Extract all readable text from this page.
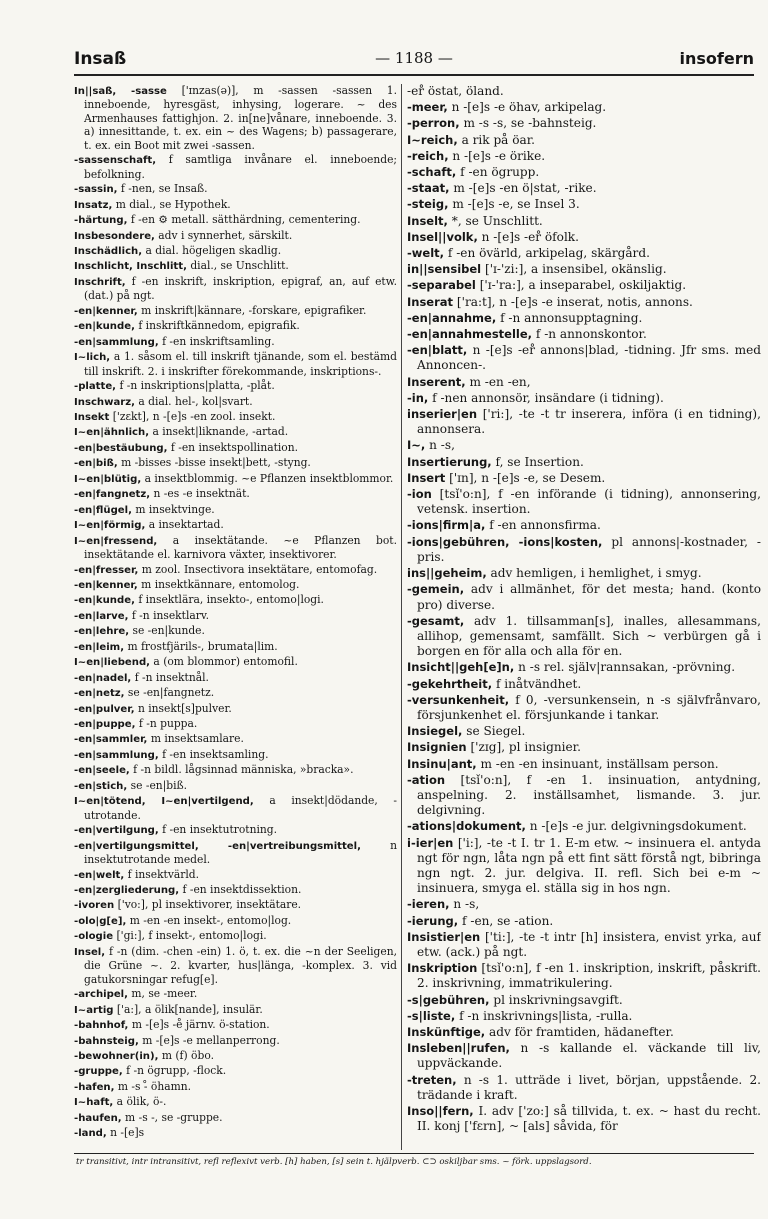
Insaß	— 1188 —	insofern
In||saß, -sasse ['ɪnzas(ə)], m -sassen -sassen 1. inneboende, hyresgäst, inhysing, logerare. ~ des Armenhauses fattighjon. 2. in[ne]vånare, inneboende. 3. a) innesittande, t. ex. ein ~ des Wagens; b) passagerare, t. ex. ein Boot mit zwei -sassen.
-sassenschaft, f samtliga invånare el. inneboende; befolkning.
-sassin, f -nen, se Insaß.
Insatz, m dial., se Hypothek.
-härtung, f -en ⚙ metall. sätthärdning, cementering.
Insbesondere, adv i synnerhet, särskilt.
Inschädlich, a dial. högeligen skadlig.
Inschlicht, Inschlitt, dial., se Unschlitt.
Inschrift, f -en inskrift, inskription, epigraf, an, auf etw. (dat.) på ngt.
-en|kenner, m inskrift|kännare, -forskare, epigrafiker.
-en|kunde, f inskriftkännedom, epigrafik.
-en|sammlung, f -en inskriftsamling.
I~lich, a 1. såsom el. till inskrift tjänande, som el. bestämd till inskrift. 2. i inskrifter förekommande, inskriptions-.
-platte, f -n inskriptions|platta, -plåt.
Inschwarz, a dial. hel-, kol|svart.
Insekt ['zɛkt], n -[e]s -en zool. insekt.
I~en|ähnlich, a insekt|liknande, -artad.
-en|bestäubung, f -en insektspollination.
-en|biß, m -bisses -bisse insekt|bett, -styng.
I~en|blütig, a insektblommig. ~e Pflanzen insektblommor.
-en|fangnetz, n -es -e insektnät.
-en|flügel, m insektvinge.
I~en|förmig, a insektartad.
I~en|fressend, a insektätande. ~e Pflanzen bot. insektätande el. karnivora växter, insektivorer.
-en|fresser, m zool. Insectivora insektätare, entomofag.
-en|kenner, m insektkännare, entomolog.
-en|kunde, f insektlära, insekto-, entomo|logi.
-en|larve, f -n insektlarv.
-en|lehre, se -en|kunde.
-en|leim, m frostfjärils-, brumata|lim.
I~en|liebend, a (om blommor) entomofil.
-en|nadel, f -n insektnål.
-en|netz, se -en|fangnetz.
-en|pulver, n insekt[s]pulver.
-en|puppe, f -n puppa.
-en|sammler, m insektsamlare.
-en|sammlung, f -en insektsamling.
-en|seele, f -n bildl. lågsinnad människa, »bracka».
-en|stich, se -en|biß.
I~en|tötend, I~en|vertilgend, a insekt|dödande, -utrotande.
-en|vertilgung, f -en insektutrotning.
-en|vertilgungsmittel, -en|vertreibungsmittel,	n insektutrotande medel.
-en|welt, f insektvärld.
-en|zergliederung, f -en insektdissektion.
-ivoren ['vo:], pl insektivorer, insektätare.
-olo|g[e], m -en -en insekt-, entomo|log.
-ologie ['gi:], f insekt-, entomo|logi.
Insel, f -n (dim. -chen -ein) 1. ö, t. ex. die ~n der Seeligen, die Grüne ~. 2. kvarter, hus|länga, -komplex. 3. vid gatukorsningar refug[e].
-archipel, m, se -meer.
I~artig ['a:], a ölik[nande], insulär.
-bahnhof, m -[e]s -e̊ järnv. ö-station.
-bahnsteig, m -[e]s -e mellanperrong.
-bewohner(in), m (f) öbo.
-gruppe, f -n ögrupp, -flock.
-hafen, m -s -̊ öhamn.
I~haft, a ölik, ö-.
-haufen, m -s -, se -gruppe.
-land, n -[e]s
-er̊ östat, öland.
-meer, n -[e]s -e öhav, arkipelag.
-perron, m -s -s, se -bahnsteig.
I~reich, a rik på öar.
-reich, n -[e]s -e örike.
-schaft, f -en ögrupp.
-staat, m -[e]s -en ö|stat, -rike.
-steig, m -[e]s -e, se Insel 3.
Inselt, *, se Unschlitt.
Insel||volk, n -[e]s -er̊ öfolk.
-welt, f -en övärld, arkipelag, skärgård.
in||sensibel ['ɪ-'zi:], a insensibel, okänslig.
-separabel ['ɪ-'ra:], a inseparabel, oskiljaktig.
Inserat ['ra:t], n -[e]s -e inserat, notis, annons.
-en|annahme, f -n annonsupptagning.
-en|annahmestelle, f -n annonskontor.
-en|blatt, n -[e]s -er̊ annons|blad, -tidning. Jfr sms. med Annoncen-.
Inserent, m -en -en,
-in, f -nen annonsör, insändare (i tidning).
inserier|en ['ri:], -te -t tr inserera, införa (i en tidning), annonsera.
I~, n -s,
Insertierung, f, se Insertion.
Insert ['ɪn], n -[e]s -e, se Desem.
-ion [tsǐ'o:n], f -en införande (i tidning), annonsering, vetensk. insertion.
-ions|firm|a, f -en annonsfirma.
-ions|gebühren, -ions|kosten, pl annons|-kostnader, -pris.
ins||geheim, adv hemligen, i hemlighet, i smyg.
-gemein, adv i allmänhet, för det mesta; hand. (konto pro) diverse.
-gesamt, adv 1. tillsamman[s], inalles, allesammans, allihop, gemensamt, samfällt. Sich ~ verbürgen gå i borgen en för alla och alla för en.
Insicht||geh[e]n, n -s rel. själv|rannsakan, -prövning.
-gekehrtheit, f inåtvändhet.
-versunkenheit, f 0, -versunkensein, n -s självfrånvaro, försjunkenhet el. försjunkande i tankar.
Insiegel, se Siegel.
Insignien ['zɪg], pl insignier.
Insinu|ant, m -en -en insinuant, inställsam person.
-ation [tsǐ'o:n], f -en 1. insinuation, antydning, anspelning. 2. inställsamhet, lismande. 3. jur. delgivning.
-ations|dokument, n -[e]s -e jur. delgivningsdokument.
i-ier|en ['i:], -te -t I. tr 1. E-m etw. ~ insinuera el. antyda ngt för ngn, låta ngn på ett fint sätt förstå ngt, bibringa ngn ngt. 2. jur. delgiva. II. refl. Sich bei e-m ~ insinuera, smyga el. ställa sig in hos ngn.
-ieren, n -s,
-ierung, f -en, se -ation.
Insistier|en ['ti:], -te -t intr [h] insistera, envist yrka, auf etw. (ack.) på ngt.
Inskription [tsǐ'o:n], f -en 1. inskription, inskrift, påskrift. 2. inskrivning, immatrikulering.
-s|gebühren, pl inskrivningsavgift.
-s|liste, f -n inskrivnings|lista, -rulla.
Inskünftige, adv för framtiden, hädanefter.
Insleben||rufen, n -s kallande el. väckande till liv, uppväckande.
-treten, n -s 1. utträde i livet, början, uppstående. 2. trädande i kraft.
Inso||fern, I. adv ['zo:] så tillvida, t. ex. ~ hast du recht. II. konj ['fɛrn], ~ [als] såvida, för
tr transitivt, intr intransitivt, refl reflexivt verb. [h] haben, [s] sein t. hjälpverb. ⊂⊃ oskiljbar sms. ~ förk. uppslagsord.
